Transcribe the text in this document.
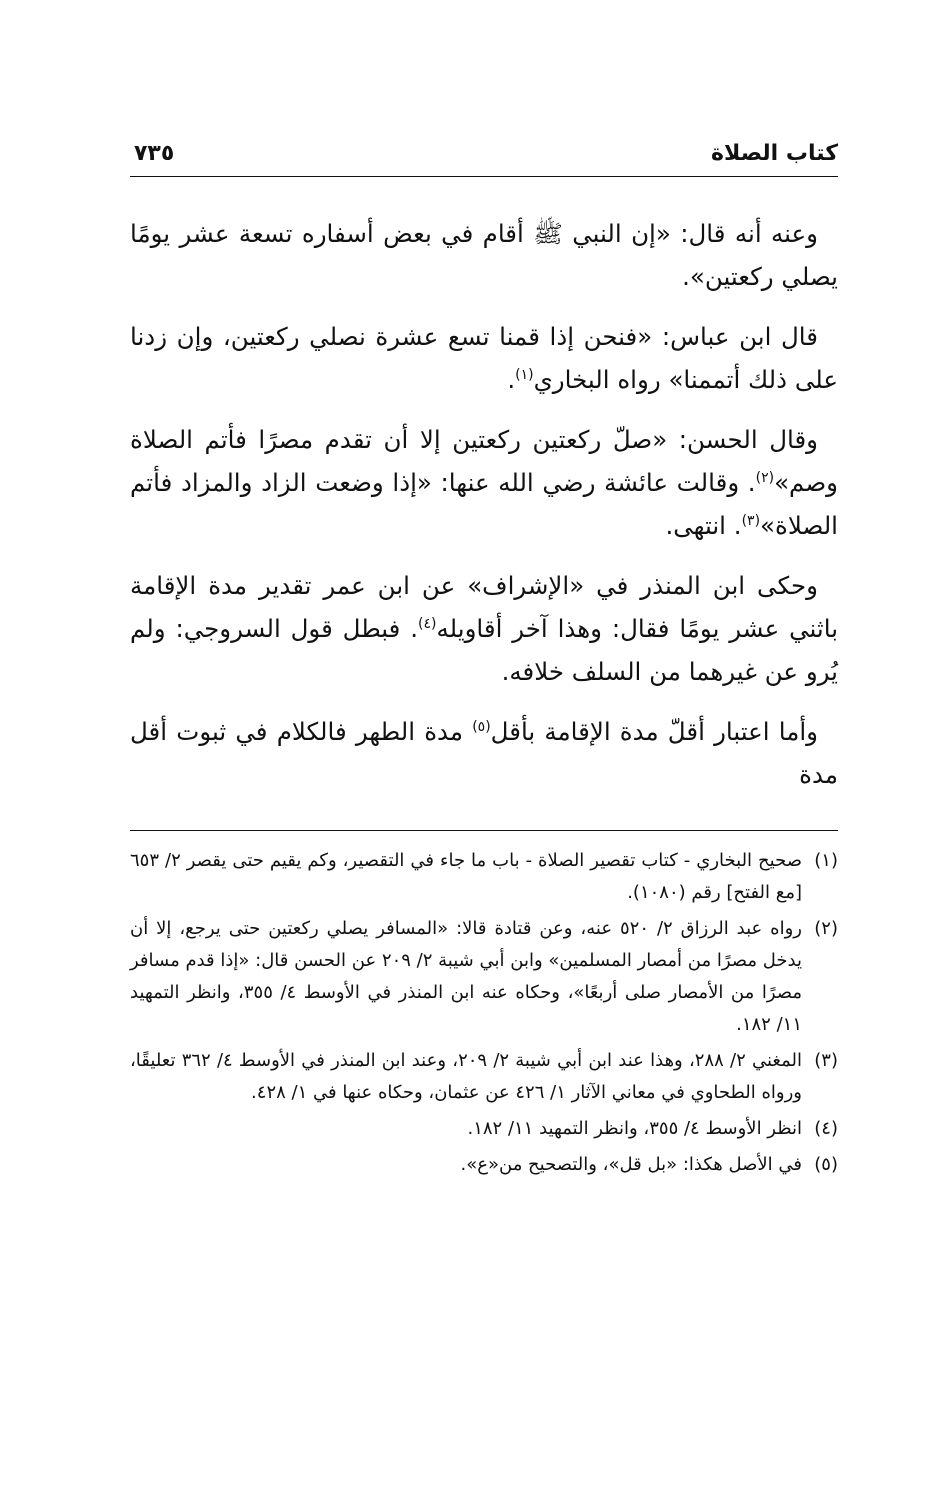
كتاب الصلاة
٧٣٥

وعنه أنه قال: «إن النبي ﷺ أقام في بعض أسفاره تسعة عشر يومًا يصلي ركعتين».

قال ابن عباس: «فنحن إذا قمنا تسع عشرة نصلي ركعتين، وإن زدنا على ذلك أتممنا» رواه البخاري$^{(١)}$.

وقال الحسن: «صلّ ركعتين ركعتين إلا أن تقدم مصرًا فأتم الصلاة وصم»$^{(٢)}$. وقالت عائشة رضي الله عنها: «إذا وضعت الزاد والمزاد فأتم الصلاة»$^{(٣)}$. انتهى.

وحكى ابن المنذر في «الإشراف» عن ابن عمر تقدير مدة الإقامة باثني عشر يومًا فقال: وهذا آخر أقاويله$^{(٤)}$. فبطل قول السروجي: ولم يُرو عن غيرهما من السلف خلافه.

وأما اعتبار أقلّ مدة الإقامة بأقل$^{(٥)}$ مدة الطهر فالكلام في ثبوت أقل مدة

(١)
صحيح البخاري - كتاب تقصير الصلاة - باب ما جاء في التقصير، وكم يقيم حتى يقصر ٢/ ٦٥٣ [مع الفتح] رقم (١٠٨٠).
(٢)
رواه عبد الرزاق ٢/ ٥٢٠ عنه، وعن قتادة قالا: «المسافر يصلي ركعتين حتى يرجع، إلا أن يدخل مصرًا من أمصار المسلمين» وابن أبي شيبة ٢/ ٢٠٩ عن الحسن قال: «إذا قدم مسافر مصرًا من الأمصار صلى أربعًا»، وحكاه عنه ابن المنذر في الأوسط ٤/ ٣٥٥، وانظر التمهيد ١١/ ١٨٢.
(٣)
المغني ٢/ ٢٨٨، وهذا عند ابن أبي شيبة ٢/ ٢٠٩، وعند ابن المنذر في الأوسط ٤/ ٣٦٢ تعليقًا، ورواه الطحاوي في معاني الآثار ١/ ٤٢٦ عن عثمان، وحكاه عنها في ١/ ٤٢٨.
(٤)
انظر الأوسط ٤/ ٣٥٥، وانظر التمهيد ١١/ ١٨٢.
(٥)
في الأصل هكذا: «بل قل»، والتصحيح من«ع».
